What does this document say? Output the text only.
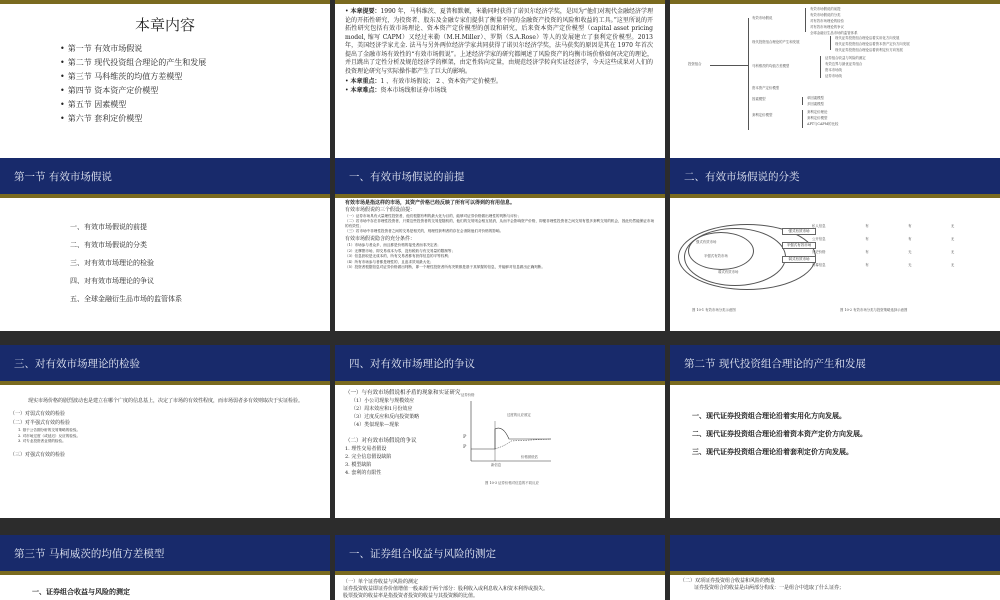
本章内容
• 第一节 有效市场假说
• 第二节 现代投资组合理论的产生和发展
• 第三节 马科维茨的均值方差模型
• 第四节 资本资产定价模型
• 第五节 因素模型
• 第六节 套利定价模型
• 本章提要：1990 年，马科维茨、夏普和默顿，米勒同时获得了诺贝尔经济学奖，是因为“他们对现代金融经济学理论的开拓性研究，为投资者、股东及金融专家们提供了衡量不同的金融资产投资的风险和收益的工具。”这里所说的开拓性研究包括有效市场理论、资本资产定价模型的创设和研究，后来资本资产定价模型（capital asset pricing model, 缩写 CAPM）又经过米勒（M.H.Miller）、罗斯（S.A.Rose）等人的发展建立了套利定价模型。2013 年，美国经济学家尤金. 法马与另外两位经济学家共同获得了诺贝尔经济学奖，法马获奖的原因是其在 1970 年首次提出了金融市场有效性的“有效市场假说”。上述经济学家的研究都阐述了风险资产的均衡市场价格如何决定的理论，并且跳出了定性分析及规范经济学的框架，由定性转向定量，由规范经济学转向实证经济学，今天这些成果对人们的投资理论研究与实际操作都产生了巨大的影响。
• 本章重点：1 、有效市场假说； 2 、资本资产定价模型。
• 本章难点：资本市场线和证券市场线
投资组合
有效市场假说
现代投资组合理论的产生和发展
马科维茨的均值方差模型
资本资产定价模型
因素模型
套利定价模型
有效市场假说的前提
有效市场假说的分类
对有效市场理论的检验
对有效市场理论的争议
全球金融衍生品市场的监管体系
现代证券投资组合理论沿着实用化方向发展
现代证券投资组合理论沿着资本资产定价方向发展
现代证券投资组合理论沿着套利定价方向发展
证券组合收益与风险的测定
有效边界与最优证券组合
资本市场线
证券市场线
单因素模型
多因素模型
套利定价理论
套利定价模型
APT与CAPM的比较
第一节 有效市场假说
一、有效市场假说的前提
二、有效市场假说的分类
三、对有效市场理论的检验
四、对有效市场理论的争议
五、全球金融衍生品市场的监管体系
一、有效市场假说的前提
有效市场是指这样的市场，其资产价格已经反映了所有可以得到的有用信息。
有效市场假说的三个假设前提：
（一）证券市场具有大量理性投资者，他们根据有利的最大化为目的，能够对证券价格做出理性的判断与评价；
（二）若市场中存在非理性投资者，只要这些投资者的交易是随机的，他们的交易则会相互抵消，从而不会影响资产价格，即便非理性投资者之间交易有很多套利交易的机会，因此仍然能保证市场的有效性；
（三）若市场中非理性投资者之间的交易是相关的，则理性套利者的存在会消除他们对价格的影响。
有效市场假说隐含的充分条件：
（1）市场参与者众多，而且都是价格的接受者而非决定者；
（2）无摩擦市场，即交易成本为零，没有税收与有交易量的限制等；
（3）信息获取是无成本的，所有交易者都有获得信息的平等权利；
（4）所有市场参与者都是理性的，且追求效用最大化；
（5）投资者根据信息对证券价格做出判断，即一个理性投资者所有决策都是基于其掌握的信息，并能够对信息做出正确判断。
二、有效市场假说的分类
强式有效市场
半强式有效市场
弱式有效市场
强式有效市场
半强式有效市场
弱式有效市场
图 10-1 有效市场分类示意图
私人信息	有	有	无
公开信息	有	有	无
历史价格	有	无	无
内幕信息	有	无	无
图 10-2 有效市场分类与投资策略选择示意图
三、对有效市场理论的检验
现实市场价格的剧烈波动也是建立在哪个广度的信息基上，决定了市场的有效性程度，而市场弱者多有效则取决于实证检验。
（一）对弱式有效的检验
（二）对半强式有效的检验
1. 基于公告期分析的交易策略的检验。
2. 对市场过度（或延迟）反应的检验。
3. 对专业投资者业绩的检验。
（三）对强式有效的检验
四、对有效市场理论的争议
（一）与有效市场假说相矛盾的现象和实证研究
（1）小公司现象与规模效应
（2）周末效应和1月份效应
（3）过度反应和反向投资策略
（4）类似现象—现象
（二）对有效市场假说的争议
1. 理性交易者假设
2. 完全信息假设缺陷
3. 模型缺陷
4. 套利的有限性
证券价格
P
P
过度的反应被定
新信息
价格被低估
图 10-3 证券价格对信息的不同反应
第二节 现代投资组合理论的产生和发展
一、现代证券投资组合理论沿着实用化方向发展。
二、现代证券投资组合理论沿着资本资产定价方向发展。
三、现代证券投资组合理论沿着套利定价方向发展。
第三节 马柯威茨的均值方差模型
一、证券组合收益与风险的测定
一、证券组合收益与风险的测定
（一）单个证券收益与风险的测定
证券投资收益即证券价值增值一般来源于两个部分：股利收入或利息收入和资本利得或损失。
股票投资的收益率是指投资者投资的收益与其投资额的比值。
（二）双项证券投资组合收益和风险的衡量
证券投资组合的收益是由两部分构成：一是组合中选取了什么证券；
